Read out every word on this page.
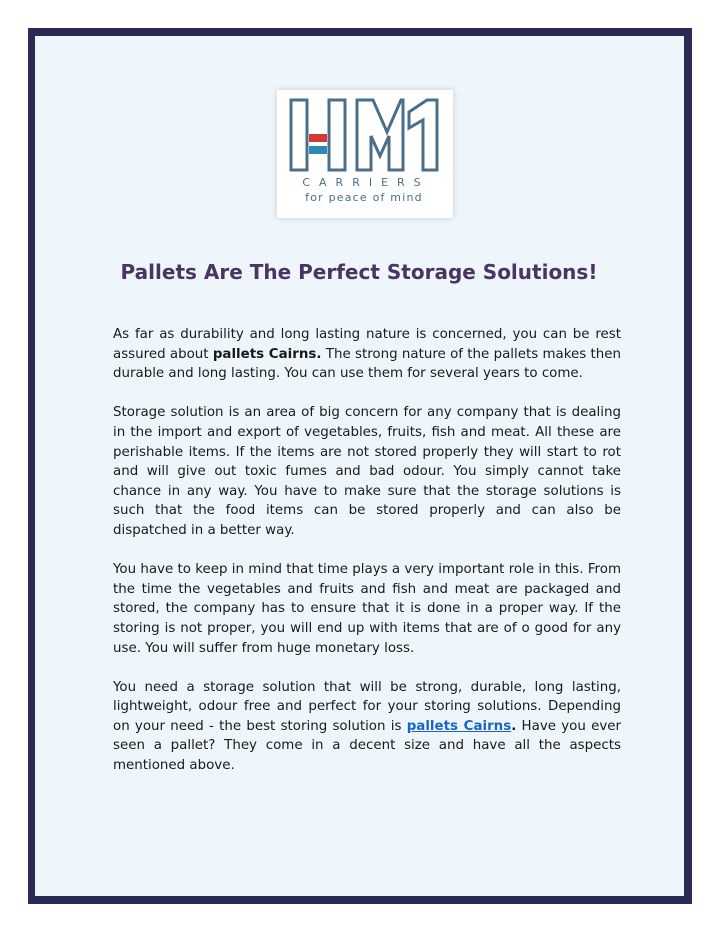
CARRIERS
for peace of mind
Pallets Are The Perfect Storage Solutions!

As far as durability and long lasting nature is concerned, you can be rest assured about pallets Cairns. The strong nature of the pallets makes then durable and long lasting. You can use them for several years to come.

Storage solution is an area of big concern for any company that is dealing in the import and export of vegetables, fruits, fish and meat. All these are perishable items. If the items are not stored properly they will start to rot and will give out toxic fumes and bad odour. You simply cannot take chance in any way. You have to make sure that the storage solutions is such that the food items can be stored properly and can also be dispatched in a better way.

You have to keep in mind that time plays a very important role in this. From the time the vegetables and fruits and fish and meat are packaged and stored, the company has to ensure that it is done in a proper way. If the storing is not proper, you will end up with items that are of o good for any use. You will suffer from huge monetary loss.

You need a storage solution that will be strong, durable, long lasting, lightweight, odour free and perfect for your storing solutions. Depending on your need - the best storing solution is pallets Cairns. Have you ever seen a pallet? They come in a decent size and have all the aspects mentioned above.
